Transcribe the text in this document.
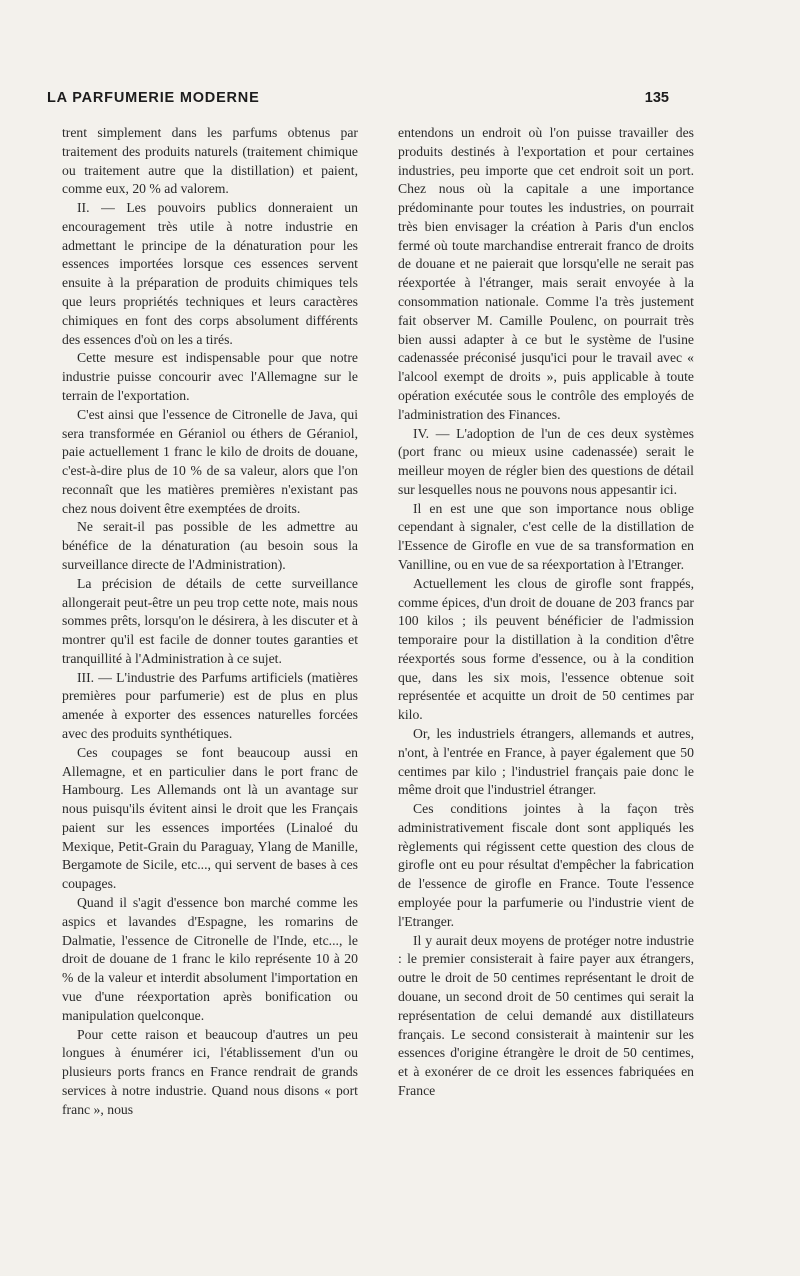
LA PARFUMERIE MODERNE	135

trent simplement dans les parfums obtenus par traitement des produits naturels (traitement chimique ou traitement autre que la distillation) et paient, comme eux, 20 % ad valorem.

II. — Les pouvoirs publics donneraient un encouragement très utile à notre industrie en admettant le principe de la dénaturation pour les essences importées lorsque ces essences servent ensuite à la préparation de produits chimiques tels que leurs propriétés techniques et leurs caractères chimiques en font des corps absolument différents des essences d'où on les a tirés.

Cette mesure est indispensable pour que notre industrie puisse concourir avec l'Allemagne sur le terrain de l'exportation.

C'est ainsi que l'essence de Citronelle de Java, qui sera transformée en Géraniol ou éthers de Géraniol, paie actuellement 1 franc le kilo de droits de douane, c'est-à-dire plus de 10 % de sa valeur, alors que l'on reconnaît que les matières premières n'existant pas chez nous doivent être exemptées de droits.

Ne serait-il pas possible de les admettre au bénéfice de la dénaturation (au besoin sous la surveillance directe de l'Administration).

La précision de détails de cette surveillance allongerait peut-être un peu trop cette note, mais nous sommes prêts, lorsqu'on le désirera, à les discuter et à montrer qu'il est facile de donner toutes garanties et tranquillité à l'Administration à ce sujet.

III. — L'industrie des Parfums artificiels (matières premières pour parfumerie) est de plus en plus amenée à exporter des essences naturelles forcées avec des produits synthétiques.

Ces coupages se font beaucoup aussi en Allemagne, et en particulier dans le port franc de Hambourg. Les Allemands ont là un avantage sur nous puisqu'ils évitent ainsi le droit que les Français paient sur les essences importées (Linaloé du Mexique, Petit-Grain du Paraguay, Ylang de Manille, Bergamote de Sicile, etc..., qui servent de bases à ces coupages.

Quand il s'agit d'essence bon marché comme les aspics et lavandes d'Espagne, les romarins de Dalmatie, l'essence de Citronelle de l'Inde, etc..., le droit de douane de 1 franc le kilo représente 10 à 20 % de la valeur et interdit absolument l'importation en vue d'une réexportation après bonification ou manipulation quelconque.

Pour cette raison et beaucoup d'autres un peu longues à énumérer ici, l'établissement d'un ou plusieurs ports francs en France rendrait de grands services à notre industrie. Quand nous disons « port franc », nous

entendons un endroit où l'on puisse travailler des produits destinés à l'exportation et pour certaines industries, peu importe que cet endroit soit un port. Chez nous où la capitale a une importance prédominante pour toutes les industries, on pourrait très bien envisager la création à Paris d'un enclos fermé où toute marchandise entrerait franco de droits de douane et ne paierait que lorsqu'elle ne serait pas réexportée à l'étranger, mais serait envoyée à la consommation nationale. Comme l'a très justement fait observer M. Camille Poulenc, on pourrait très bien aussi adapter à ce but le système de l'usine cadenassée préconisé jusqu'ici pour le travail avec « l'alcool exempt de droits », puis applicable à toute opération exécutée sous le contrôle des employés de l'administration des Finances.

IV. — L'adoption de l'un de ces deux systèmes (port franc ou mieux usine cadenassée) serait le meilleur moyen de régler bien des questions de détail sur lesquelles nous ne pouvons nous appesantir ici.

Il en est une que son importance nous oblige cependant à signaler, c'est celle de la distillation de l'Essence de Girofle en vue de sa transformation en Vanilline, ou en vue de sa réexportation à l'Etranger.

Actuellement les clous de girofle sont frappés, comme épices, d'un droit de douane de 203 francs par 100 kilos ; ils peuvent bénéficier de l'admission temporaire pour la distillation à la condition d'être réexportés sous forme d'essence, ou à la condition que, dans les six mois, l'essence obtenue soit représentée et acquitte un droit de 50 centimes par kilo.

Or, les industriels étrangers, allemands et autres, n'ont, à l'entrée en France, à payer également que 50 centimes par kilo ; l'industriel français paie donc le même droit que l'industriel étranger.

Ces conditions jointes à la façon très administrativement fiscale dont sont appliqués les règlements qui régissent cette question des clous de girofle ont eu pour résultat d'empêcher la fabrication de l'essence de girofle en France. Toute l'essence employée pour la parfumerie ou l'industrie vient de l'Etranger.

Il y aurait deux moyens de protéger notre industrie : le premier consisterait à faire payer aux étrangers, outre le droit de 50 centimes représentant le droit de douane, un second droit de 50 centimes qui serait la représentation de celui demandé aux distillateurs français. Le second consisterait à maintenir sur les essences d'origine étrangère le droit de 50 centimes, et à exonérer de ce droit les essences fabriquées en France
